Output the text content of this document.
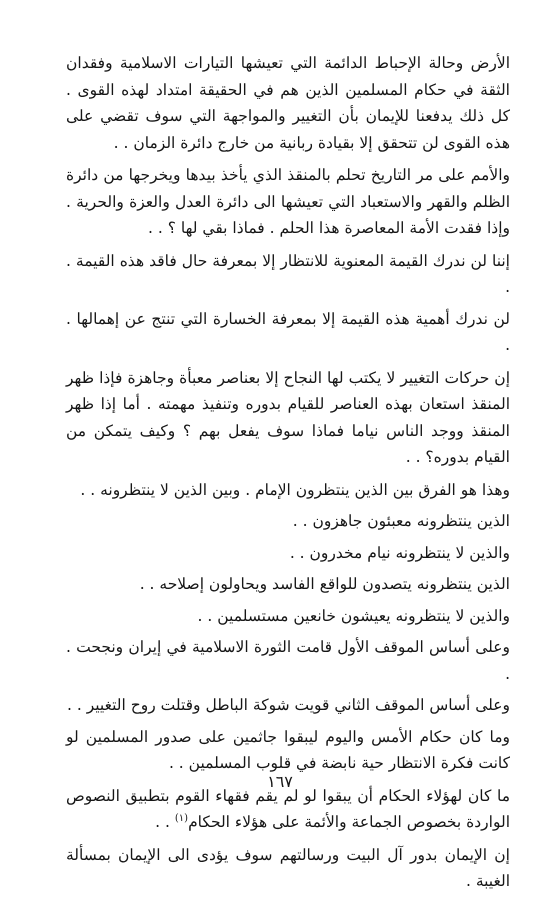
الأرض وحالة الإحباط الدائمة التي تعيشها التيارات الاسلامية وفقدان الثقة في حكام المسلمين الذين هم في الحقيقة امتداد لهذه القوى . كل ذلك يدفعنا للإيمان بأن التغيير والمواجهة التي سوف تقضي على هذه القوى لن تتحقق إلا بقيادة ربانية من خارج دائرة الزمان . .

والأمم على مر التاريخ تحلم بالمنقذ الذي يأخذ بيدها ويخرجها من دائرة الظلم والقهر والاستعباد التي تعيشها الى دائرة العدل والعزة والحرية . وإذا فقدت الأمة المعاصرة هذا الحلم . فماذا بقي لها ؟ . .

إننا لن ندرك القيمة المعنوية للانتظار إلا بمعرفة حال فاقد هذه القيمة . .

لن ندرك أهمية هذه القيمة إلا بمعرفة الخسارة التي تنتج عن إهمالها . .

إن حركات التغيير لا يكتب لها النجاح إلا بعناصر معبأة وجاهزة فإذا ظهر المنقذ استعان بهذه العناصر للقيام بدوره وتنفيذ مهمته . أما إذا ظهر المنقذ ووجد الناس نياما فماذا سوف يفعل بهم ؟ وكيف يتمكن من القيام بدوره؟ . .

وهذا هو الفرق بين الذين ينتظرون الإمام . وبين الذين لا ينتظرونه . .

الذين ينتظرونه معبئون جاهزون . .

والذين لا ينتظرونه نيام مخدرون . .

الذين ينتظرونه يتصدون للواقع الفاسد ويحاولون إصلاحه . .

والذين لا ينتظرونه يعيشون خانعين مستسلمين . .

وعلى أساس الموقف الأول قامت الثورة الاسلامية في إيران ونجحت . .

وعلى أساس الموقف الثاني قويت شوكة الباطل وقتلت روح التغيير . .

وما كان حكام الأمس واليوم ليبقوا جاثمين على صدور المسلمين لو كانت فكرة الانتظار حية نابضة في قلوب المسلمين . .

ما كان لهؤلاء الحكام أن يبقوا لو لم يقم فقهاء القوم بتطبيق النصوص الواردة بخصوص الجماعة والأئمة على هؤلاء الحكام$^{(١)}$ . .

إن الإيمان بدور آل البيت ورسالتهم سوف يؤدى الى الإيمان بمسألة الغيبة .

١٦٧
